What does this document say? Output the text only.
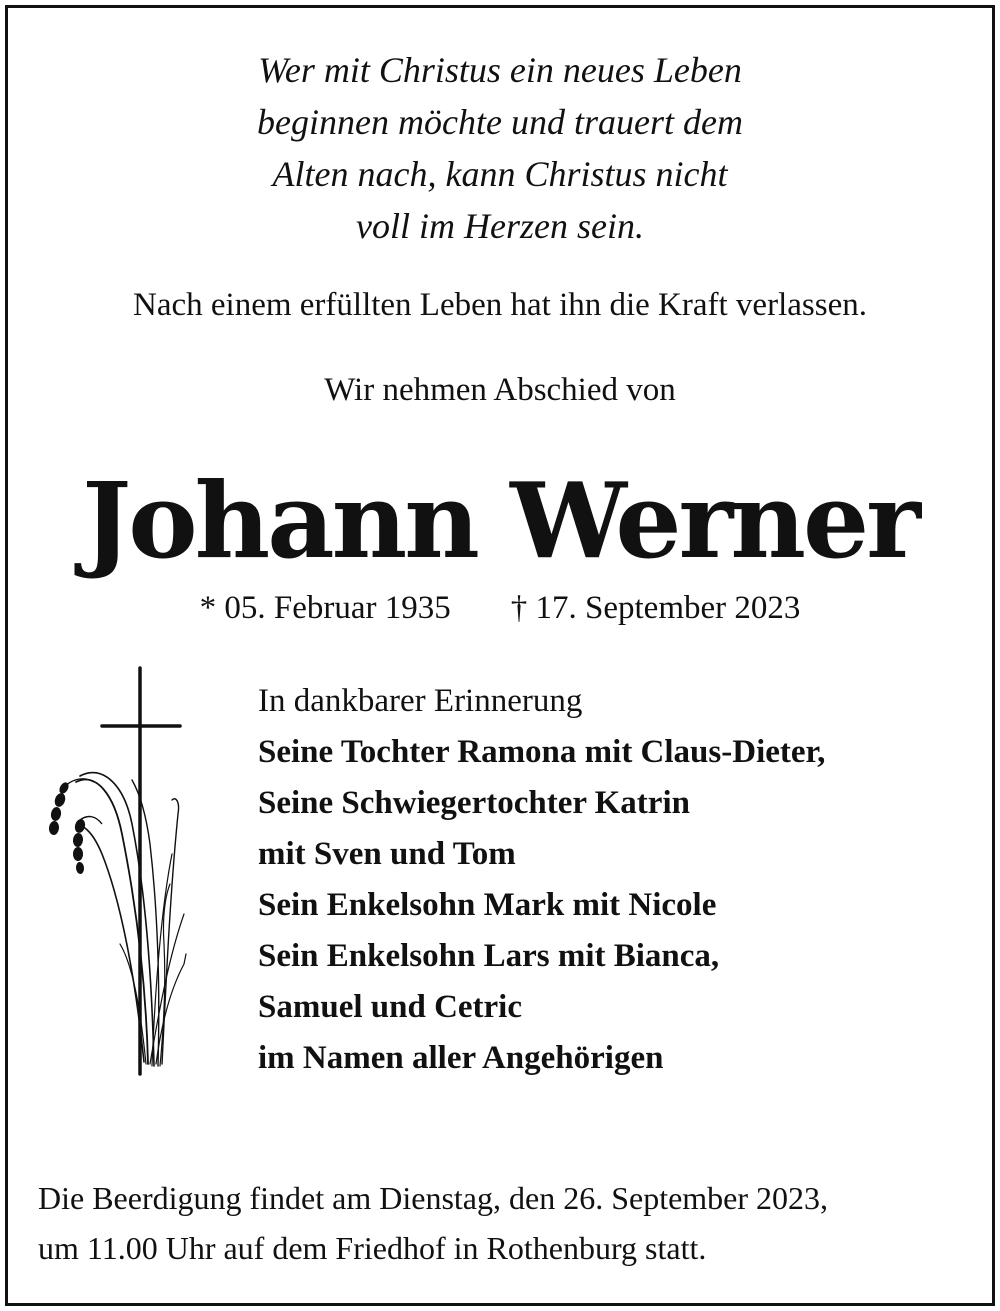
Wer mit Christus ein neues Leben
beginnen möchte und trauert dem
Alten nach, kann Christus nicht
voll im Herzen sein.
Nach einem erfüllten Leben hat ihn die Kraft verlassen.
Wir nehmen Abschied von
Johann Werner
* 05. Februar 1935 † 17. September 2023
In dankbarer Erinnerung
Seine Tochter Ramona mit Claus-Dieter,
Seine Schwiegertochter Katrin
mit Sven und Tom
Sein Enkelsohn Mark mit Nicole
Sein Enkelsohn Lars mit Bianca,
Samuel und Cetric
im Namen aller Angehörigen
Die Beerdigung findet am Dienstag, den 26. September 2023,
um 11.00 Uhr auf dem Friedhof in Rothenburg statt.
